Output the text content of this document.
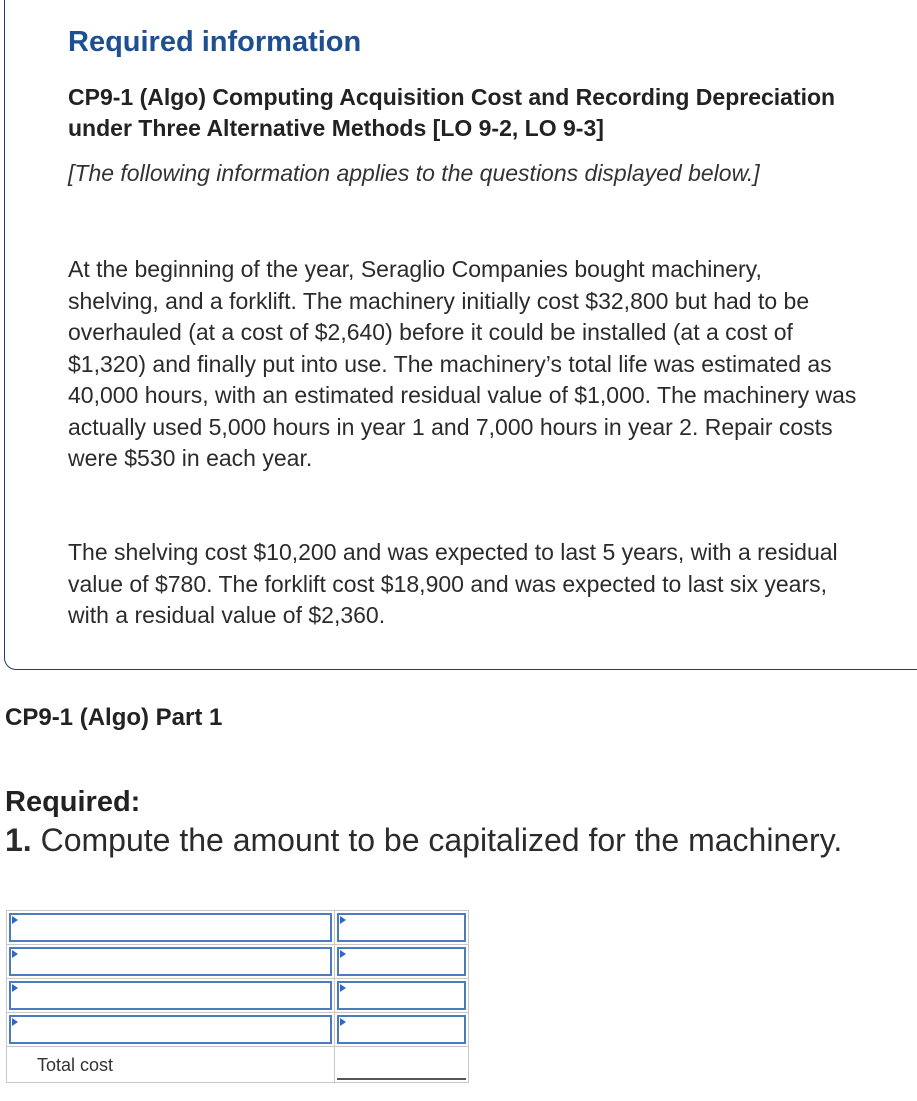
Required information
CP9-1 (Algo) Computing Acquisition Cost and Recording Depreciation under Three Alternative Methods [LO 9-2, LO 9-3]

[The following information applies to the questions displayed below.]

At the beginning of the year, Seraglio Companies bought machinery, shelving, and a forklift. The machinery initially cost $32,800 but had to be overhauled (at a cost of $2,640) before it could be installed (at a cost of $1,320) and finally put into use. The machinery’s total life was estimated as 40,000 hours, with an estimated residual value of $1,000. The machinery was actually used 5,000 hours in year 1 and 7,000 hours in year 2. Repair costs were $530 in each year.

The shelving cost $10,200 and was expected to last 5 years, with a residual value of $780. The forklift cost $18,900 and was expected to last six years, with a residual value of $2,360.

CP9-1 (Algo) Part 1
Required:

1. Compute the amount to be capitalized for the machinery.

Total cost	
